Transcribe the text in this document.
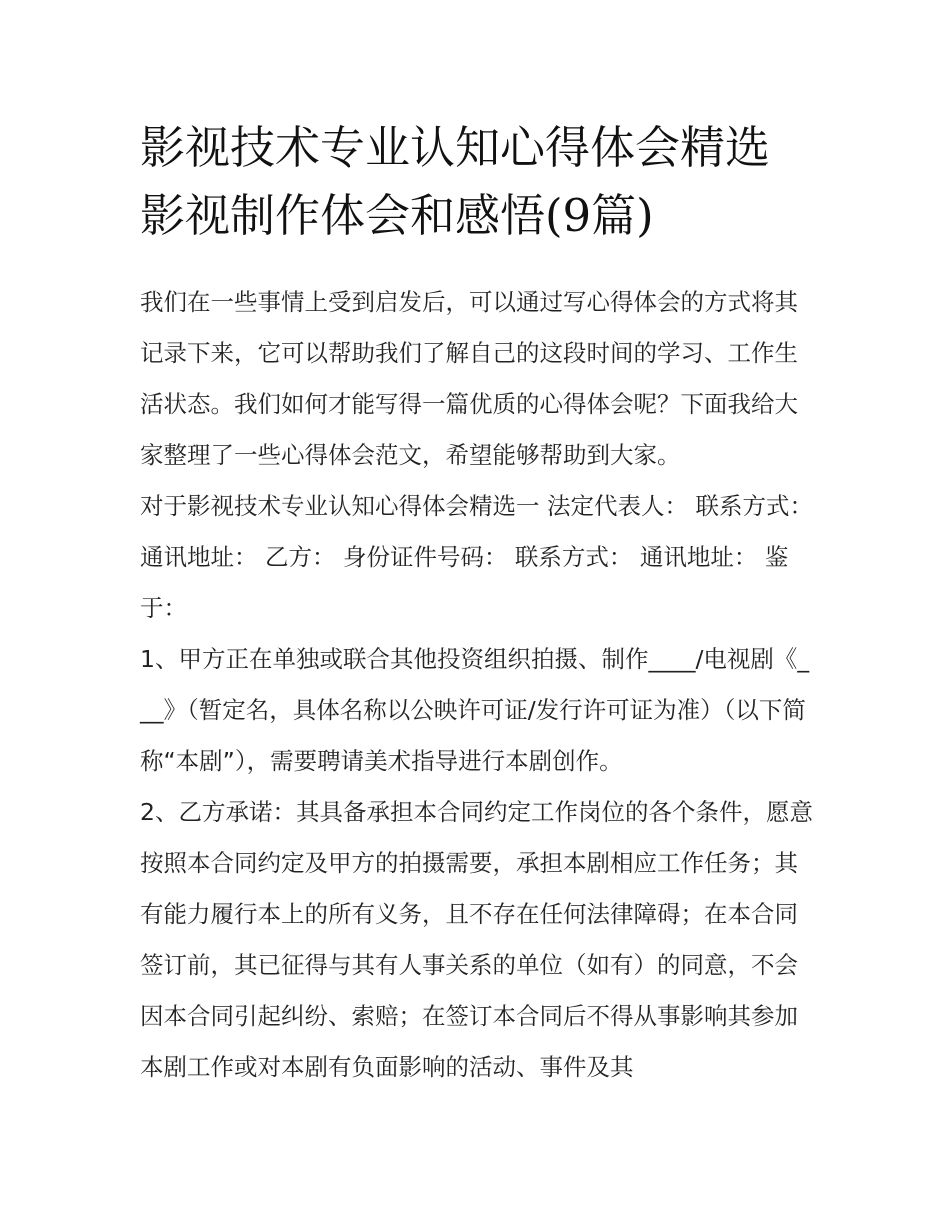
影视技术专业认知心得体会精选 影视制作体会和感悟(9篇)

我们在一些事情上受到启发后，可以通过写心得体会的方式将其记录下来，它可以帮助我们了解自己的这段时间的学习、工作生活状态。我们如何才能写得一篇优质的心得体会呢？下面我给大家整理了一些心得体会范文，希望能够帮助到大家。

对于影视技术专业认知心得体会精选一 法定代表人： 联系方式： 通讯地址： 乙方： 身份证件号码： 联系方式： 通讯地址： 鉴于：

1、甲方正在单独或联合其他投资组织拍摄、制作____/电视剧《___》（暂定名，具体名称以公映许可证/发行许可证为准）（以下简称“本剧”），需要聘请美术指导进行本剧创作。

2、乙方承诺：其具备承担本合同约定工作岗位的各个条件，愿意按照本合同约定及甲方的拍摄需要，承担本剧相应工作任务；其有能力履行本上的所有义务，且不存在任何法律障碍；在本合同签订前，其已征得与其有人事关系的单位（如有）的同意，不会因本合同引起纠纷、索赔；在签订本合同后不得从事影响其参加本剧工作或对本剧有负面影响的活动、事件及其
